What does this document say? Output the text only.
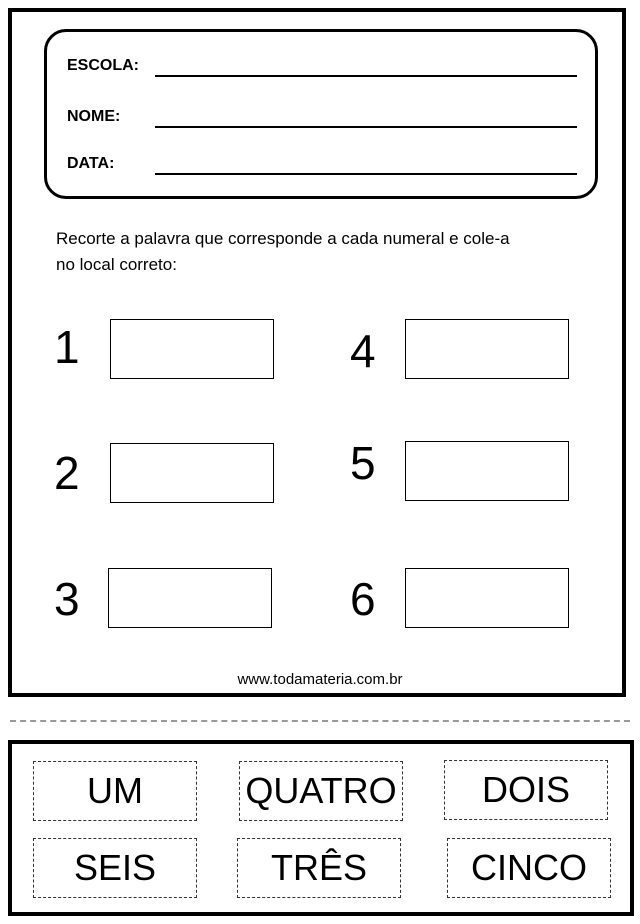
ESCOLA:
NOME:
DATA:
Recorte a palavra que corresponde a cada numeral e cole-a
no local correto:
1	4
2	5
3	6
www.todamateria.com.br
UM	QUATRO	DOIS
SEIS	TRÊS	CINCO
